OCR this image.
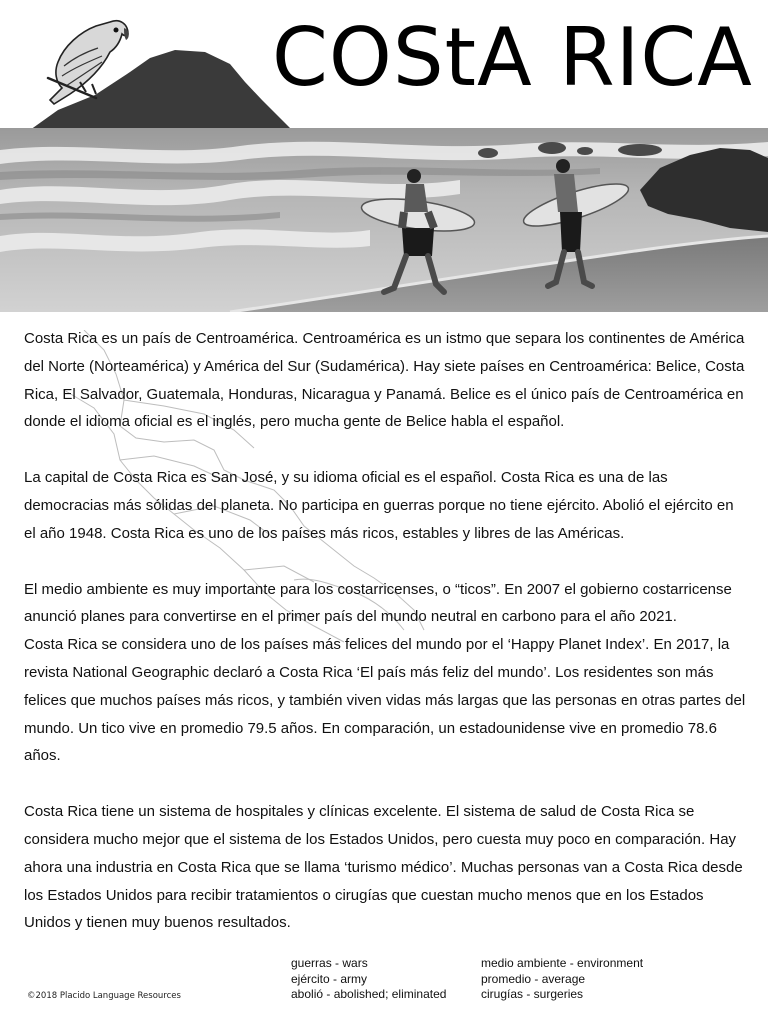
COStA RICA

Costa Rica es un país de Centroamérica. Centroamérica es un istmo que separa los continentes de América del Norte (Norteamérica) y América del Sur (Sudamérica). Hay siete países en Centroamérica: Belice, Costa Rica, El Salvador, Guatemala, Honduras, Nicaragua y Panamá. Belice es el único país de Centroamérica en donde el idioma oficial es el inglés, pero mucha gente de Belice habla el español.

La capital de Costa Rica es San José, y su idioma oficial es el español. Costa Rica es una de las democracias más sólidas del planeta. No participa en guerras porque no tiene ejército. Abolió el ejército en el año 1948. Costa Rica es uno de los países más ricos, estables y libres de las Américas.

El medio ambiente es muy importante para los costarricenses, o “ticos”. En 2007 el gobierno costarricense anunció planes para convertirse en el primer país del mundo neutral en carbono para el año 2021.

Costa Rica se considera uno de los países más felices del mundo por el ‘Happy Planet Index’. En 2017, la revista National Geographic declaró a Costa Rica ‘El país más feliz del mundo’. Los residentes son más felices que muchos países más ricos, y también viven vidas más largas que las personas en otras partes del mundo. Un tico vive en promedio 79.5 años. En comparación, un estadounidense vive en promedio 78.6 años.

Costa Rica tiene un sistema de hospitales y clínicas excelente. El sistema de salud de Costa Rica se considera mucho mejor que el sistema de los Estados Unidos, pero cuesta muy poco en comparación. Hay ahora una industria en Costa Rica que se llama ‘turismo médico’. Muchas personas van a Costa Rica desde los Estados Unidos para recibir tratamientos o cirugías que cuestan mucho menos que en los Estados Unidos y tienen muy buenos resultados.

guerras - wars
ejército - army
abolió - abolished; eliminated
medio ambiente - environment
promedio - average
cirugías - surgeries
©2018 Placido Language Resources
